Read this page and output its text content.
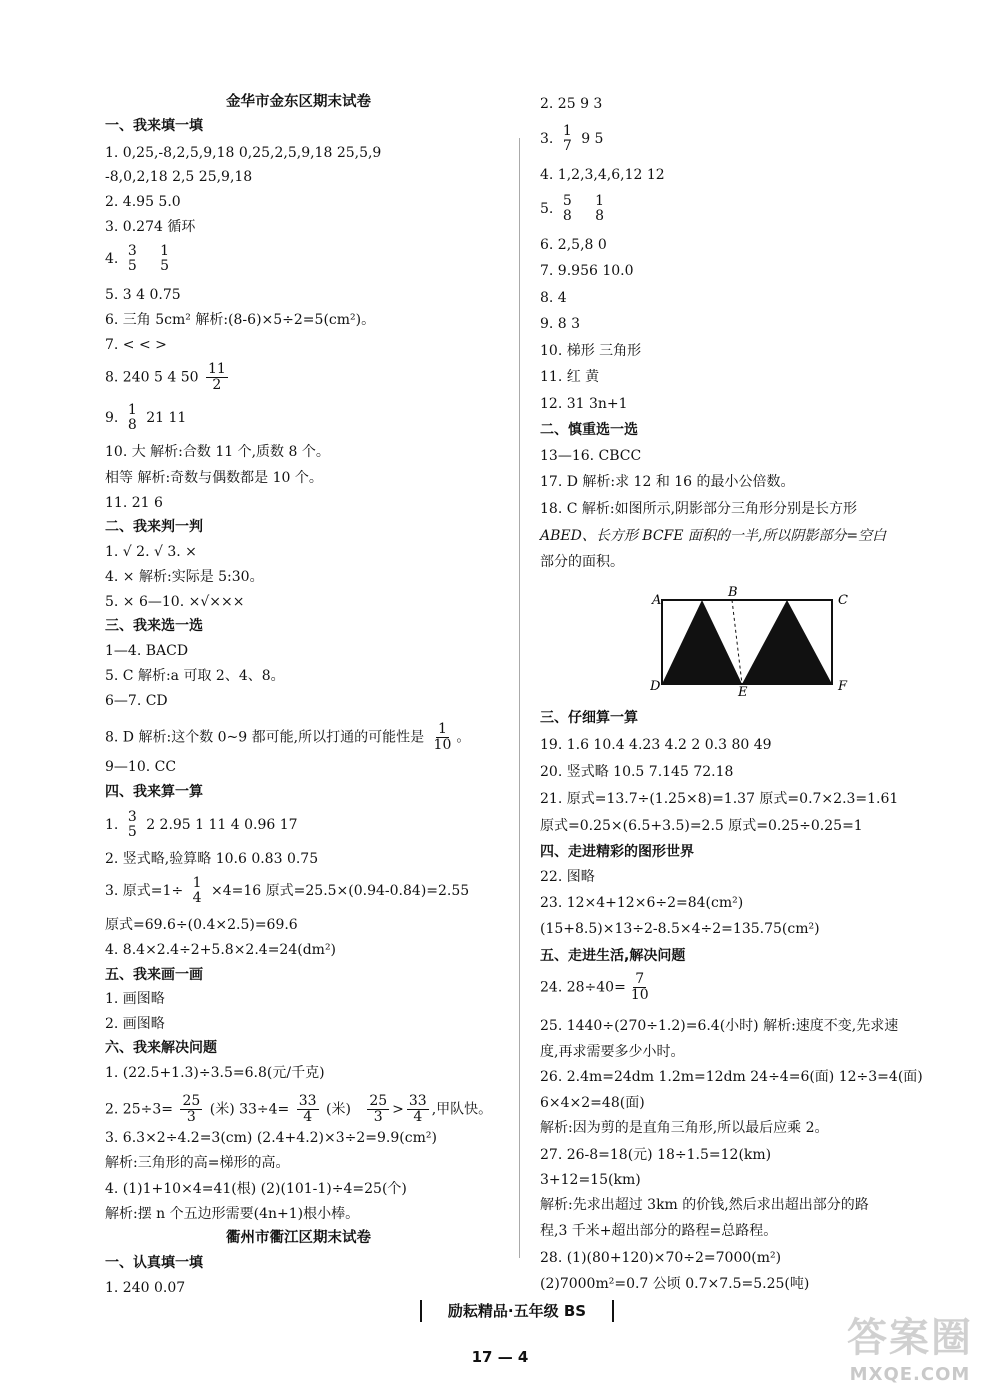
金华市金东区期末试卷
一、我来填一填
1. 0,25,-8,2,5,9,18 0,25,2,5,9,18 25,5,9
-8,0,2,18 2,5 25,9,18
2. 4.95 5.0
3. 0.274 循环
4. 3
5

1
5
5. 3 4 0.75
6. 三角 5cm² 解析:(8-6)×5÷2=5(cm²)。
7. < < >
8. 240 5 4 $50 \frac{11}{2}$
9. 1
8 21 11
10. 大 解析:合数 11 个,质数 8 个。
相等 解析:奇数与偶数都是 10 个。
11. 21 6
二、我来判一判
1. √ 2. √ 3. ×
4. × 解析:实际是 5:30。
5. × 6—10. ×√×××
三、我来选一选
1—4. BACD
5. C 解析:a 可取 2、4、8。
6—7. CD
8. D 解析:这个数 0~9 都可能,所以打通的可能性是 $\frac{1}{10}$ 。
9—10. CC
四、我来算一算
1. 3
5 2 2.95 1 11 4 0.96 17
2. 竖式略,验算略 10.6 0.83 0.75
3. 原式=1÷ 1
4 ×4=16 原式=25.5×(0.94-0.84)=2.55
原式=69.6÷(0.4×2.5)=69.6
4. 8.4×2.4÷2+5.8×2.4=24(dm²)
五、我来画一画
1. 画图略
2. 画图略
六、我来解决问题
1. (22.5+1.3)÷3.5=6.8(元/千克)
2. $25\div 3= \frac{25}{3}$ (米) $33\div 4= \frac{33}{4}$ (米) $\frac{25}{3} > \frac{33}{4}$ ,甲队快。
3. 6.3×2÷4.2=3(cm) (2.4+4.2)×3÷2=9.9(cm²)
解析:三角形的高=梯形的高。
4. (1)1+10×4=41(根) (2)(101-1)÷4=25(个)
解析:摆 n 个五边形需要(4n+1)根小棒。
衢州市衢江区期末试卷
一、认真填一填
1. 240 0.07
2. 25 9 3
3. 1
7 9 5
4. 1,2,3,4,6,12 12
5. 5
8

1
8
6. 2,5,8 0
7. 9.956 10.0
8. 4
9. 8 3
10. 梯形 三角形
11. 红 黄
12. 31 3n+1
二、慎重选一选
13—16. CBCC
17. D 解析:求 12 和 16 的最小公倍数。
18. C 解析:如图所示,阴影部分三角形分别是长方形
ABED、长方形 BCFE 面积的一半,所以阴影部分=空白
部分的面积。
A
B
C
D	E	F
三、仔细算一算
19. 1.6 10.4 4.23 4.2 2 0.3 80 49
20. 竖式略 10.5 7.145 72.18
21. 原式=13.7÷(1.25×8)=1.37 原式=0.7×2.3=1.61
原式=0.25×(6.5+3.5)=2.5 原式=0.25÷0.25=1
四、走进精彩的图形世界
22. 图略
23. 12×4+12×6÷2=84(cm²)
(15+8.5)×13÷2-8.5×4÷2=135.75(cm²)
五、走进生活,解决问题
24. $28\div 40= \frac{7}{10}$
25. 1440÷(270÷1.2)=6.4(小时) 解析:速度不变,先求速
度,再求需要多少小时。
26. 2.4m=24dm 1.2m=12dm 24÷4=6(面) 12÷3=4(面)
6×4×2=48(面)
解析:因为剪的是直角三角形,所以最后应乘 2。
27. 26-8=18(元) 18÷1.5=12(km)
3+12=15(km)
解析:先求出超过 3km 的价钱,然后求出超出部分的路
程,3 千米+超出部分的路程=总路程。
28. (1)(80+120)×70÷2=7000(m²)
(2)7000m²=0.7 公顷 0.7×7.5=5.25(吨)
励耘精品·五年级 BS
17 — 4	答案圈
MXQE.COM
